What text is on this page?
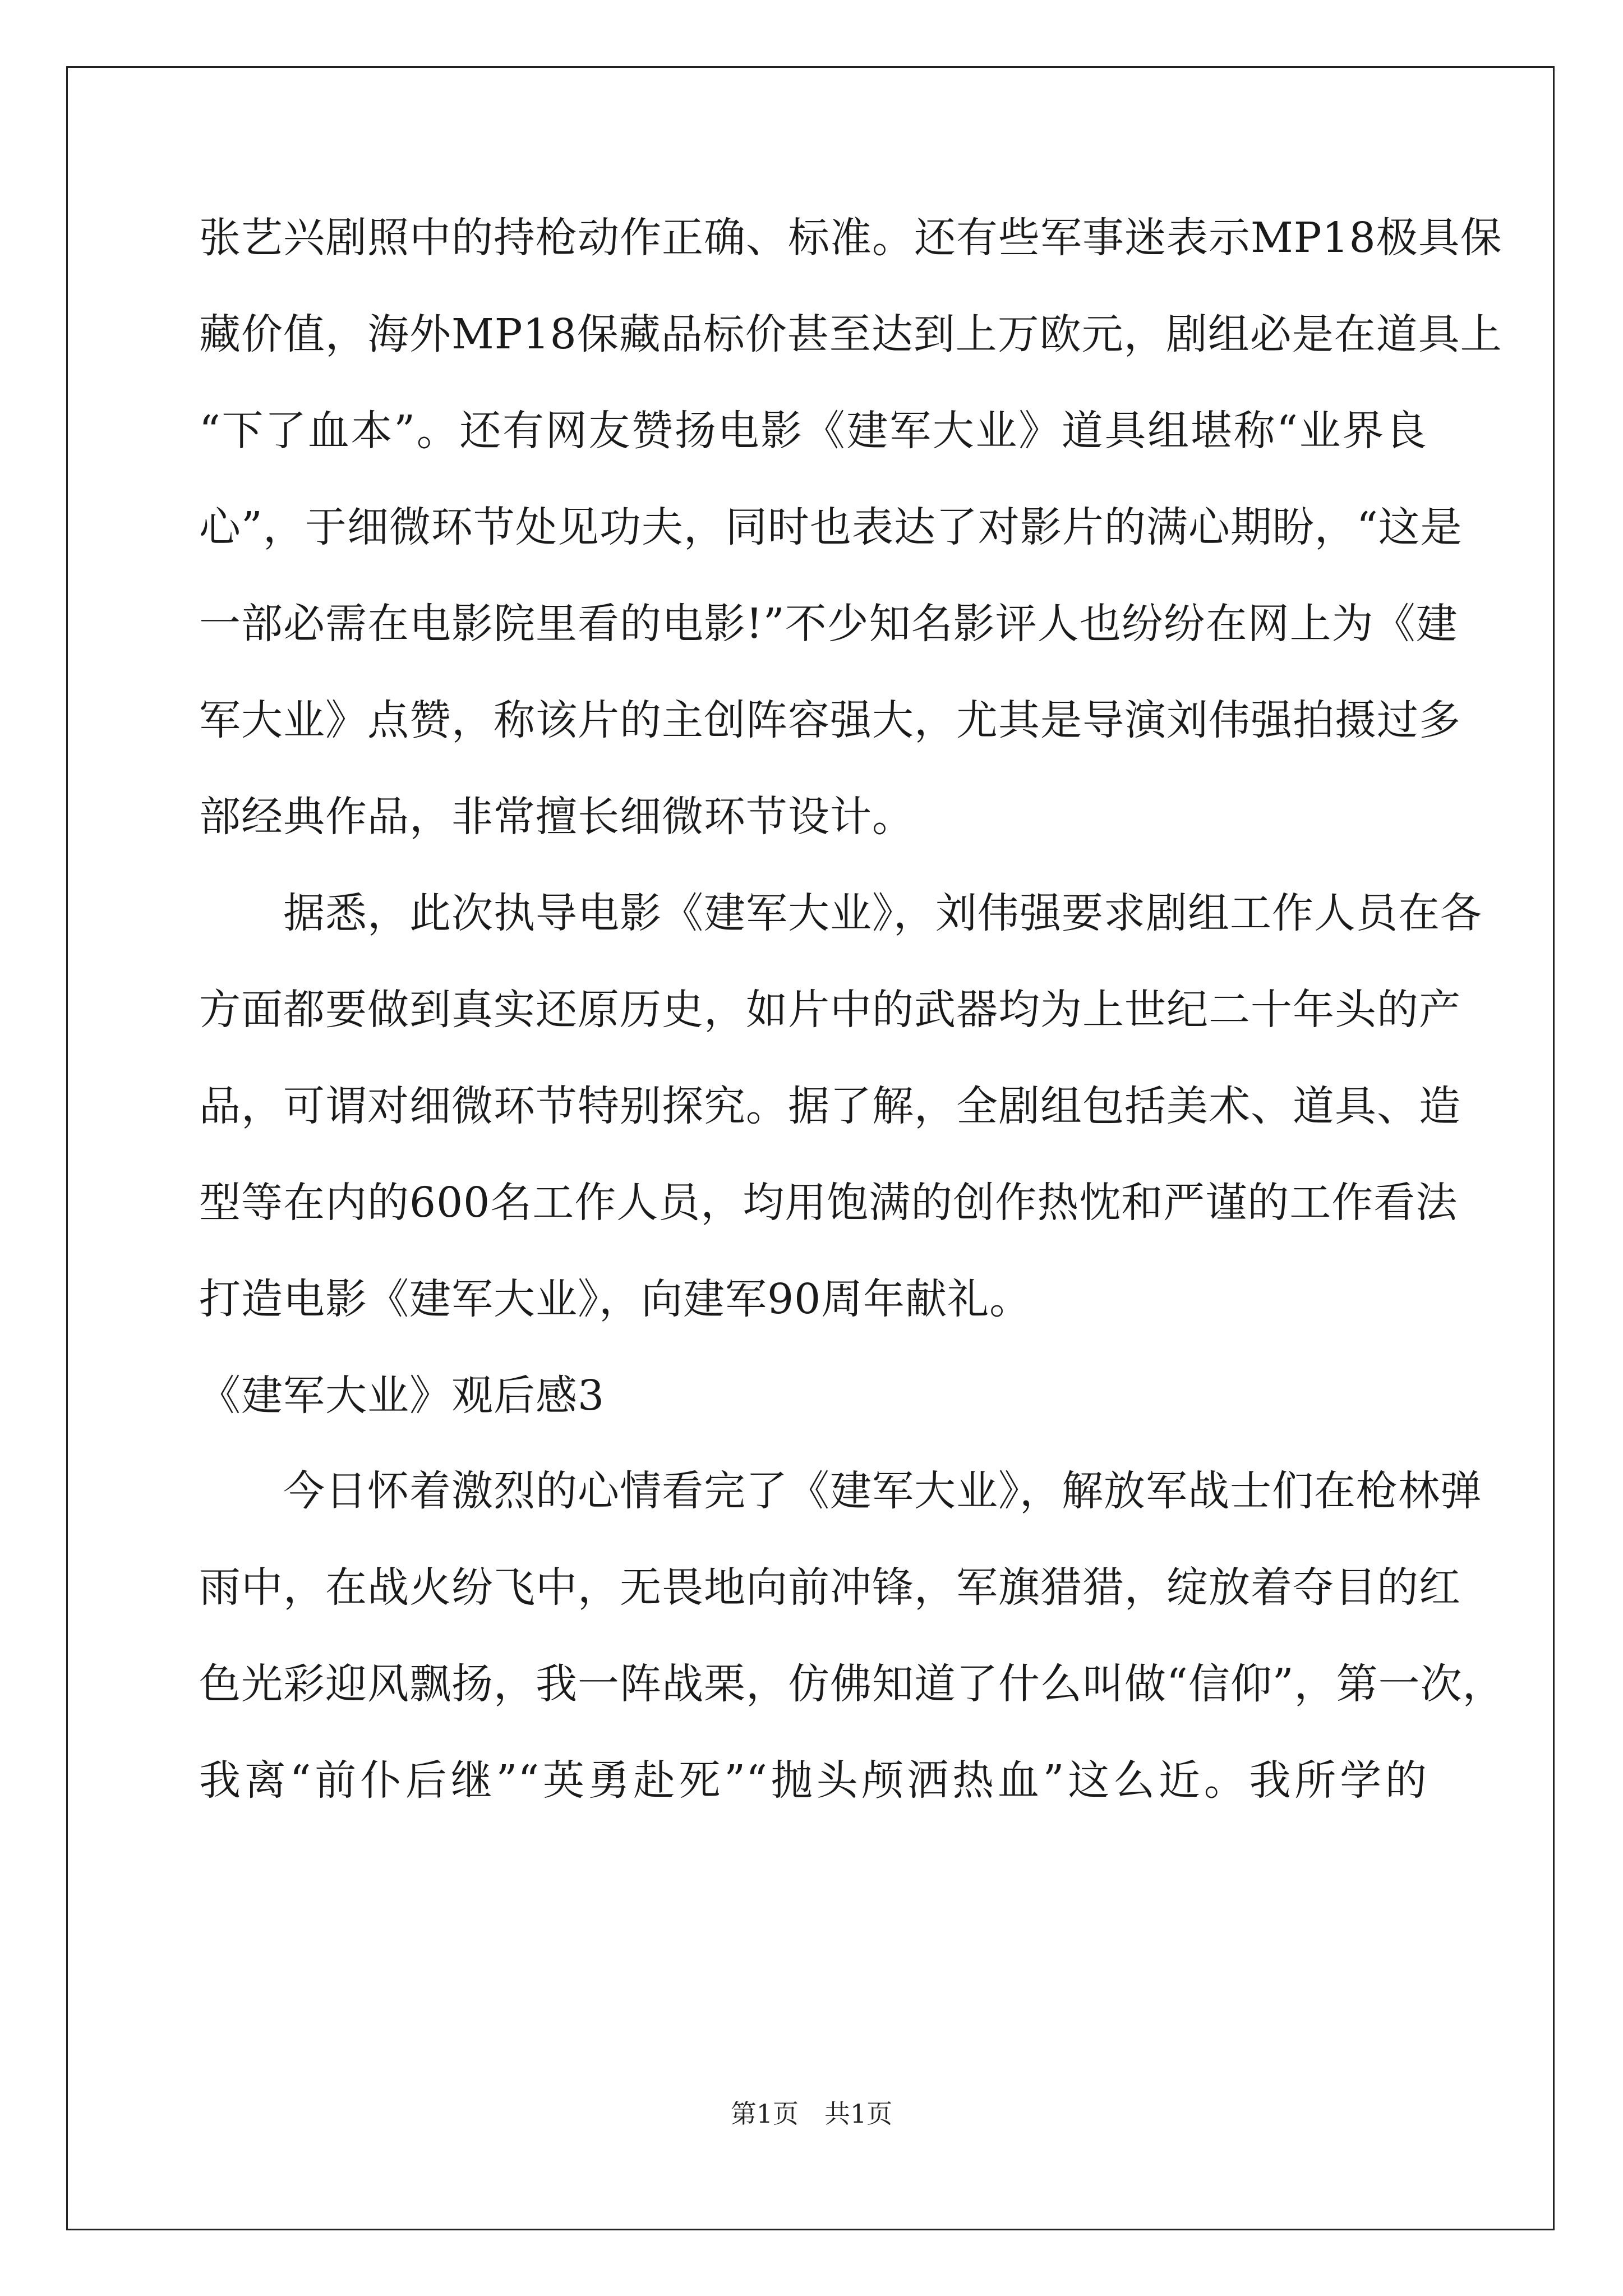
张艺兴剧照中的持枪动作正确、标准。还有些军事迷表示MP18极具保
藏价值，海外MP18保藏品标价甚至达到上万欧元，剧组必是在道具上
“下了血本”。还有网友赞扬电影《建军大业》道具组堪称“业界良
心”，于细微环节处见功夫，同时也表达了对影片的满心期盼，“这是
一部必需在电影院里看的电影!”不少知名影评人也纷纷在网上为《建
军大业》点赞，称该片的主创阵容强大，尤其是导演刘伟强拍摄过多
部经典作品，非常擅长细微环节设计。
据悉，此次执导电影《建军大业》，刘伟强要求剧组工作人员在各
方面都要做到真实还原历史，如片中的武器均为上世纪二十年头的产
品，可谓对细微环节特别探究。据了解，全剧组包括美术、道具、造
型等在内的600名工作人员，均用饱满的创作热忱和严谨的工作看法
打造电影《建军大业》，向建军90周年献礼。
《建军大业》观后感3
今日怀着激烈的心情看完了《建军大业》，解放军战士们在枪林弹
雨中，在战火纷飞中，无畏地向前冲锋，军旗猎猎，绽放着夺目的红
色光彩迎风飘扬，我一阵战栗，仿佛知道了什么叫做“信仰”，第一次，
我离“前仆后继”“英勇赴死”“抛头颅洒热血”这么近。我所学的
第1页　共1页
